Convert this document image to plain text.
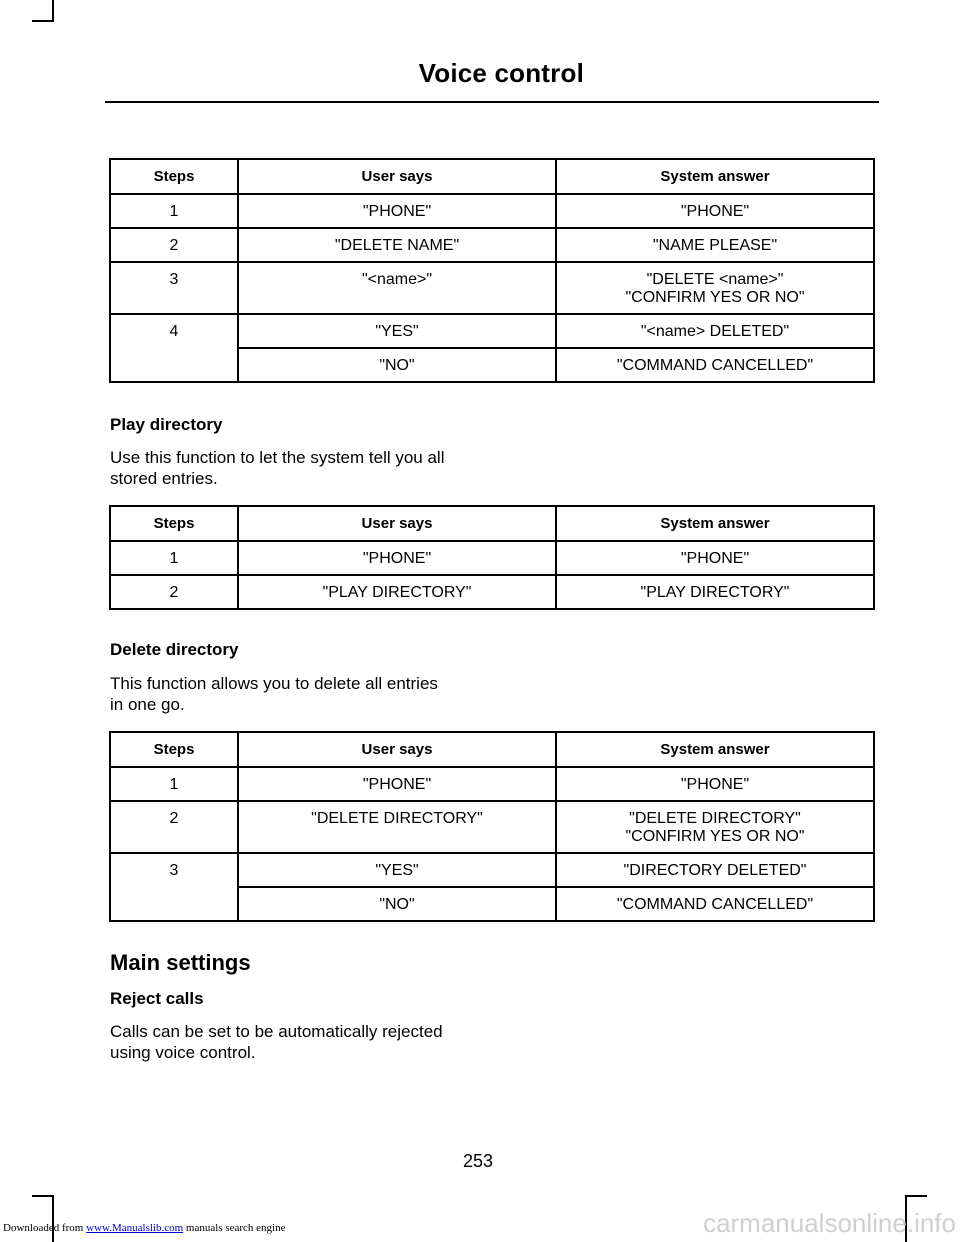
Voice control
Steps	User says	System answer
1	"PHONE"	"PHONE"
2	"DELETE NAME"	"NAME PLEASE"
3	"<name>"	"DELETE <name>"
"CONFIRM YES OR NO"

4	"YES"	"<name> DELETED"
	"NO"	"COMMAND CANCELLED"
Play directory
Use this function to let the system tell you all stored entries.
Steps	User says	System answer
1	"PHONE"	"PHONE"
2	"PLAY DIRECTORY"	"PLAY DIRECTORY"
Delete directory
This function allows you to delete all entries in one go.
Steps	User says	System answer
1	"PHONE"	"PHONE"
2	"DELETE DIRECTORY"	"DELETE DIRECTORY"
"CONFIRM YES OR NO"

3	"YES"	"DIRECTORY DELETED"
	"NO"	"COMMAND CANCELLED"
Main settings
Reject calls
Calls can be set to be automatically rejected using voice control.
253
Downloaded from www.Manualslib.com manuals search engine	carmanualsonline.info
